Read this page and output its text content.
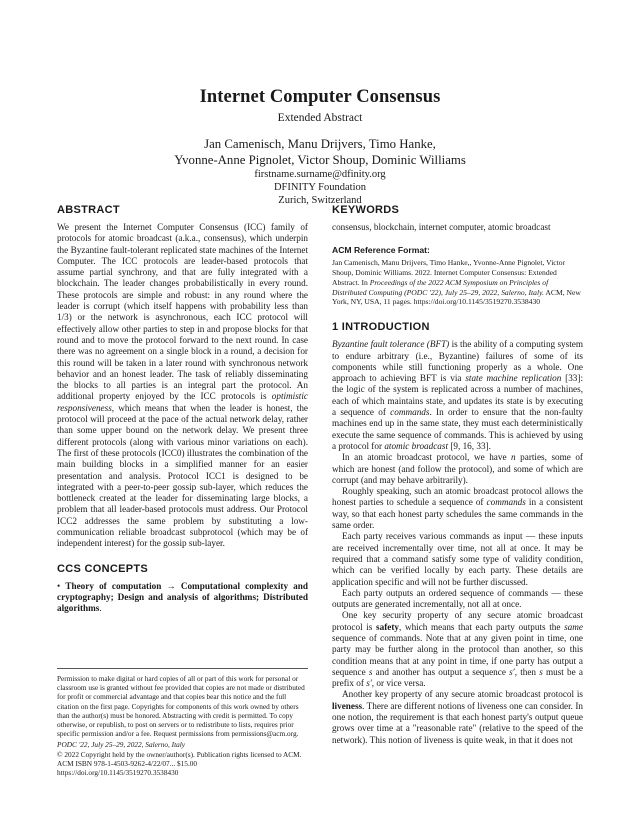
Internet Computer Consensus
Extended Abstract
Jan Camenisch, Manu Drijvers, Timo Hanke,
Yvonne-Anne Pignolet, Victor Shoup, Dominic Williams
firstname.surname@dfinity.org
DFINITY Foundation
Zurich, Switzerland
ABSTRACT

We present the Internet Computer Consensus (ICC) family of protocols for atomic broadcast (a.k.a., consensus), which underpin the Byzantine fault-tolerant replicated state machines of the Internet Computer. The ICC protocols are leader-based protocols that assume partial synchrony, and that are fully integrated with a blockchain. The leader changes probabilistically in every round. These protocols are simple and robust: in any round where the leader is corrupt (which itself happens with probability less than 1/3) or the network is asynchronous, each ICC protocol will effectively allow other parties to step in and propose blocks for that round and to move the protocol forward to the next round. In case there was no agreement on a single block in a round, a decision for this round will be taken in a later round with synchronous network behavior and an honest leader. The task of reliably disseminating the blocks to all parties is an integral part the protocol. An additional property enjoyed by the ICC protocols is optimistic responsiveness, which means that when the leader is honest, the protocol will proceed at the pace of the actual network delay, rather than some upper bound on the network delay. We present three different protocols (along with various minor variations on each). The first of these protocols (ICC0) illustrates the combination of the main building blocks in a simplified manner for an easier presentation and analysis. Protocol ICC1 is designed to be integrated with a peer-to-peer gossip sub-layer, which reduces the bottleneck created at the leader for disseminating large blocks, a problem that all leader-based protocols must address. Our Protocol ICC2 addresses the same problem by substituting a low-communication reliable broadcast subprotocol (which may be of independent interest) for the gossip sub-layer.

CCS CONCEPTS

• Theory of computation → Computational complexity and cryptography; Design and analysis of algorithms; Distributed algorithms.

Permission to make digital or hard copies of all or part of this work for personal or classroom use is granted without fee provided that copies are not made or distributed for profit or commercial advantage and that copies bear this notice and the full citation on the first page. Copyrights for components of this work owned by others than the author(s) must be honored. Abstracting with credit is permitted. To copy otherwise, or republish, to post on servers or to redistribute to lists, requires prior specific permission and/or a fee. Request permissions from permissions@acm.org.

PODC '22, July 25–29, 2022, Salerno, Italy

© 2022 Copyright held by the owner/author(s). Publication rights licensed to ACM.

ACM ISBN 978-1-4503-9262-4/22/07... $15.00

https://doi.org/10.1145/3519270.3538430

KEYWORDS

consensus, blockchain, internet computer, atomic broadcast

ACM Reference Format:

Jan Camenisch, Manu Drijvers, Timo Hanke,, Yvonne-Anne Pignolet, Victor Shoup, Dominic Williams. 2022. Internet Computer Consensus: Extended Abstract. In Proceedings of the 2022 ACM Symposium on Principles of Distributed Computing (PODC '22), July 25–29, 2022, Salerno, Italy. ACM, New York, NY, USA, 11 pages. https://doi.org/10.1145/3519270.3538430

1 INTRODUCTION

Byzantine fault tolerance (BFT) is the ability of a computing system to endure arbitrary (i.e., Byzantine) failures of some of its components while still functioning properly as a whole. One approach to achieving BFT is via state machine replication [33]: the logic of the system is replicated across a number of machines, each of which maintains state, and updates its state is by executing a sequence of commands. In order to ensure that the non-faulty machines end up in the same state, they must each deterministically execute the same sequence of commands. This is achieved by using a protocol for atomic broadcast [9, 16, 33].

In an atomic broadcast protocol, we have n parties, some of which are honest (and follow the protocol), and some of which are corrupt (and may behave arbitrarily).

Roughly speaking, such an atomic broadcast protocol allows the honest parties to schedule a sequence of commands in a consistent way, so that each honest party schedules the same commands in the same order.

Each party receives various commands as input — these inputs are received incrementally over time, not all at once. It may be required that a command satisfy some type of validity condition, which can be verified locally by each party. These details are application specific and will not be further discussed.

Each party outputs an ordered sequence of commands — these outputs are generated incrementally, not all at once.

One key security property of any secure atomic broadcast protocol is safety, which means that each party outputs the same sequence of commands. Note that at any given point in time, one party may be further along in the protocol than another, so this condition means that at any point in time, if one party has output a sequence s and another has output a sequence s′, then s must be a prefix of s′, or vice versa.

Another key property of any secure atomic broadcast protocol is liveness. There are different notions of liveness one can consider. In one notion, the requirement is that each honest party's output queue grows over time at a "reasonable rate" (relative to the speed of the network). This notion of liveness is quite weak, in that it does not
